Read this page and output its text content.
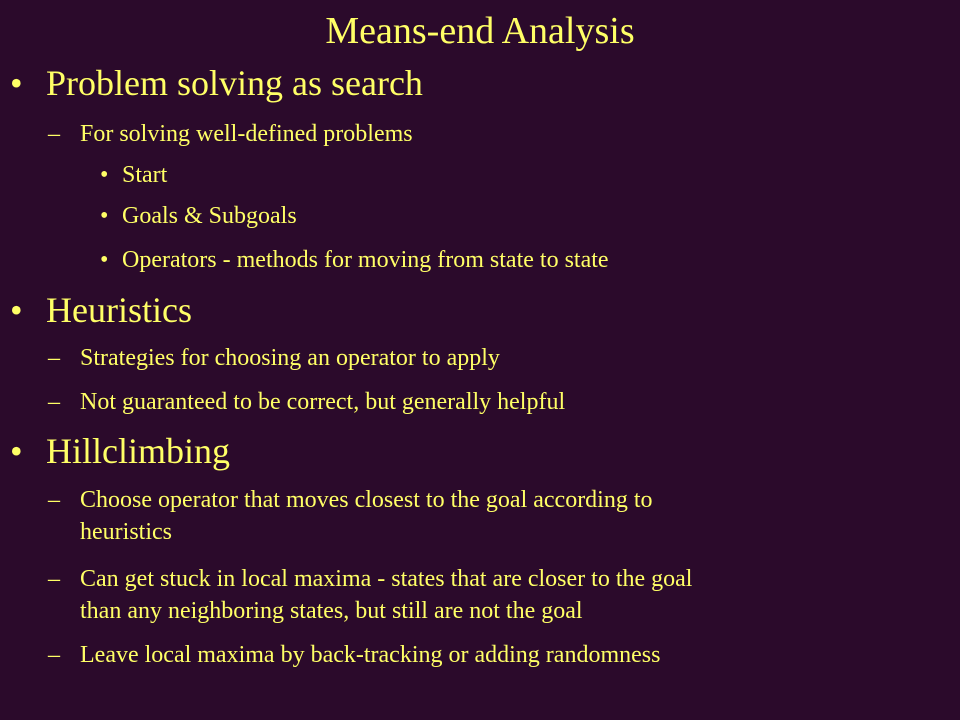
Means-end Analysis
• Problem solving as search
– For solving well-defined problems
• Start
• Goals & Subgoals
• Operators - methods for moving from state to state
• Heuristics
– Strategies for choosing an operator to apply
– Not guaranteed to be correct, but generally helpful
• Hillclimbing
– Choose operator that moves closest to the goal according to
heuristics
– Can get stuck in local maxima - states that are closer to the goal
than any neighboring states, but still are not the goal
– Leave local maxima by back-tracking or adding randomness
